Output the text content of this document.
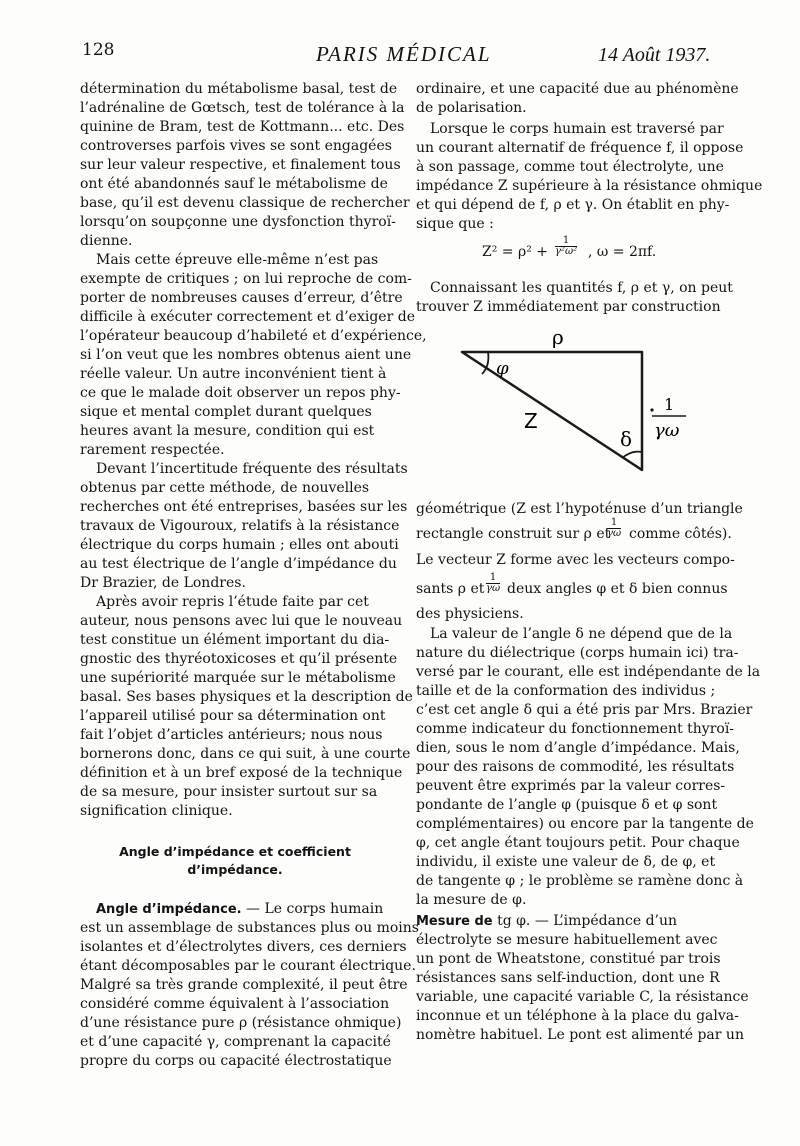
128	PARIS MÉDICAL	14 Août 1937.
détermination du métabolisme basal, test de
l’adrénaline de Gœtsch, test de tolérance à la
quinine de Bram, test de Kottmann... etc. Des
controverses parfois vives se sont engagées
sur leur valeur respective, et finalement tous
ont été abandonnés sauf le métabolisme de
base, qu’il est devenu classique de rechercher
lorsqu’on soupçonne une dysfonction thyroï-
dienne.
Mais cette épreuve elle-même n’est pas
exempte de critiques ; on lui reproche de com-
porter de nombreuses causes d’erreur, d’être
difficile à exécuter correctement et d’exiger de
l’opérateur beaucoup d’habileté et d’expérience,
si l’on veut que les nombres obtenus aient une
réelle valeur. Un autre inconvénient tient à
ce que le malade doit observer un repos phy-
sique et mental complet durant quelques
heures avant la mesure, condition qui est
rarement respectée.
Devant l’incertitude fréquente des résultats
obtenus par cette méthode, de nouvelles
recherches ont été entreprises, basées sur les
travaux de Vigouroux, relatifs à la résistance
électrique du corps humain ; elles ont abouti
au test électrique de l’angle d’impédance du
Dr Brazier, de Londres.
Après avoir repris l’étude faite par cet
auteur, nous pensons avec lui que le nouveau
test constitue un élément important du dia-
gnostic des thyréotoxicoses et qu’il présente
une supériorité marquée sur le métabolisme
basal. Ses bases physiques et la description de
l’appareil utilisé pour sa détermination ont
fait l’objet d’articles antérieurs; nous nous
bornerons donc, dans ce qui suit, à une courte
définition et à un bref exposé de la technique
de sa mesure, pour insister surtout sur sa
signification clinique.
Angle d’impédance et coefficient
d’impédance.
Angle d’impédance. — Le corps humain
est un assemblage de substances plus ou moins
isolantes et d’électrolytes divers, ces derniers
étant décomposables par le courant électrique.
Malgré sa très grande complexité, il peut être
considéré comme équivalent à l’association
d’une résistance pure ρ (résistance ohmique)
et d’une capacité γ, comprenant la capacité
propre du corps ou capacité électrostatique
ordinaire, et une capacité due au phénomène
de polarisation.
Lorsque le corps humain est traversé par
un courant alternatif de fréquence f, il oppose
à son passage, comme tout électrolyte, une
impédance Z supérieure à la résistance ohmique
et qui dépend de f, ρ et γ. On établit en phy-
sique que :
$Z^2 = \rho^2 + \frac{1}{\text{γ²ω²}}$ , ω = 2πf.
Connaissant les quantités f, ρ et γ, on peut
trouver Z immédiatement par construction
ρ
φ
Z
δ
1
γω
géométrique (Z est l’hypoténuse d’un triangle
rectangle construit sur ρ et
$\frac{1}{\gamma\omega}$ comme côtés).
Le vecteur Z forme avec les vecteurs compo-
sants ρ et $\frac{1}{\gamma\omega}$ deux angles φ et δ bien connus
des physiciens.
La valeur de l’angle δ ne dépend que de la
nature du diélectrique (corps humain ici) tra-
versé par le courant, elle est indépendante de la
taille et de la conformation des individus ;
c’est cet angle δ qui a été pris par Mrs. Brazier
comme indicateur du fonctionnement thyroï-
dien, sous le nom d’angle d’impédance. Mais,
pour des raisons de commodité, les résultats
peuvent être exprimés par la valeur corres-
pondante de l’angle φ (puisque δ et φ sont
complémentaires) ou encore par la tangente de
φ, cet angle étant toujours petit. Pour chaque
individu, il existe une valeur de δ, de φ, et
de tangente φ ; le problème se ramène donc à
la mesure de φ.
Mesure de tg φ. — L’impédance d’un
électrolyte se mesure habituellement avec
un pont de Wheatstone, constitué par trois
résistances sans self-induction, dont une R
variable, une capacité variable C, la résistance
inconnue et un téléphone à la place du galva-
nomètre habituel. Le pont est alimenté par un
